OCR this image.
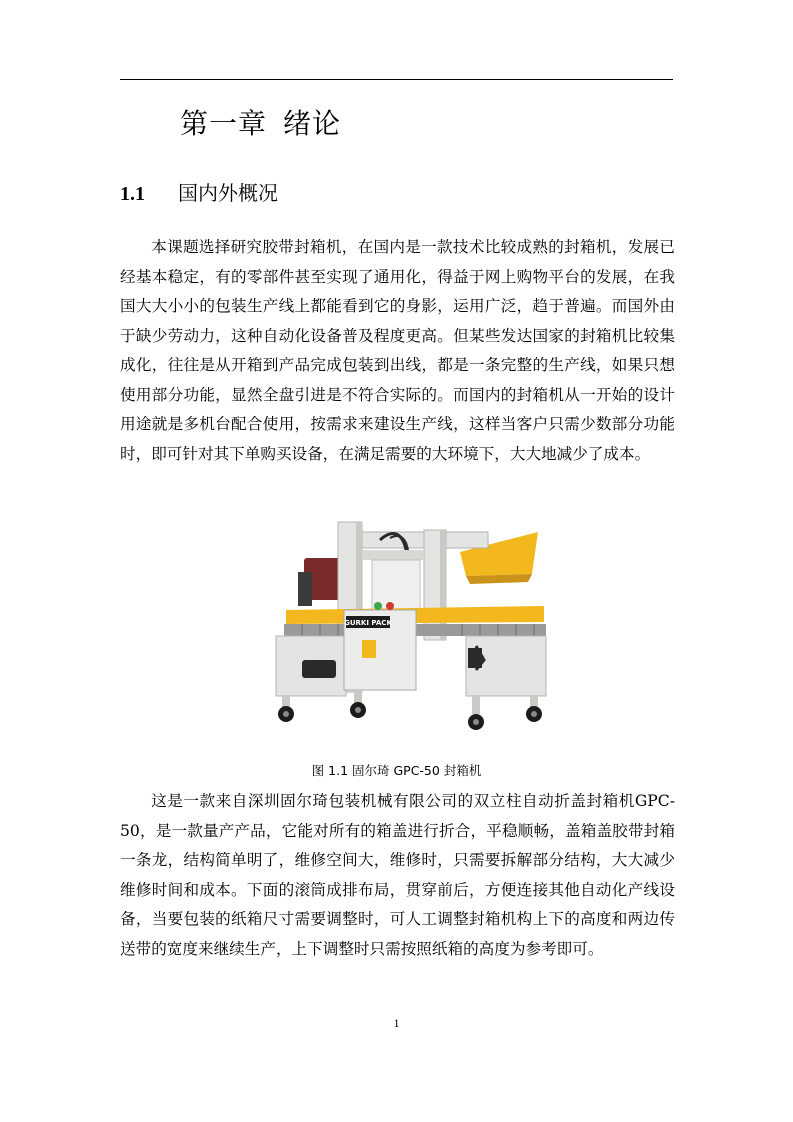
第一章 绪论
1.1 国内外概况

本课题选择研究胶带封箱机，在国内是一款技术比较成熟的封箱机，发展已经基本稳定，有的零部件甚至实现了通用化，得益于网上购物平台的发展，在我国大大小小的包装生产线上都能看到它的身影，运用广泛，趋于普遍。而国外由于缺少劳动力，这种自动化设备普及程度更高。但某些发达国家的封箱机比较集成化，往往是从开箱到产品完成包装到出线，都是一条完整的生产线，如果只想使用部分功能，显然全盘引进是不符合实际的。而国内的封箱机从一开始的设计用途就是多机台配合使用，按需求来建设生产线，这样当客户只需少数部分功能时，即可针对其下单购买设备，在满足需要的大环境下，大大地减少了成本。

GURKI PACK
图 1.1 固尔琦 GPC-50 封箱机

这是一款来自深圳固尔琦包装机械有限公司的双立柱自动折盖封箱机GPC-50，是一款量产产品，它能对所有的箱盖进行折合，平稳顺畅，盖箱盖胶带封箱一条龙，结构简单明了，维修空间大，维修时，只需要拆解部分结构，大大减少维修时间和成本。下面的滚筒成排布局，贯穿前后，方便连接其他自动化产线设备，当要包装的纸箱尺寸需要调整时，可人工调整封箱机构上下的高度和两边传送带的宽度来继续生产，上下调整时只需按照纸箱的高度为参考即可。

1
